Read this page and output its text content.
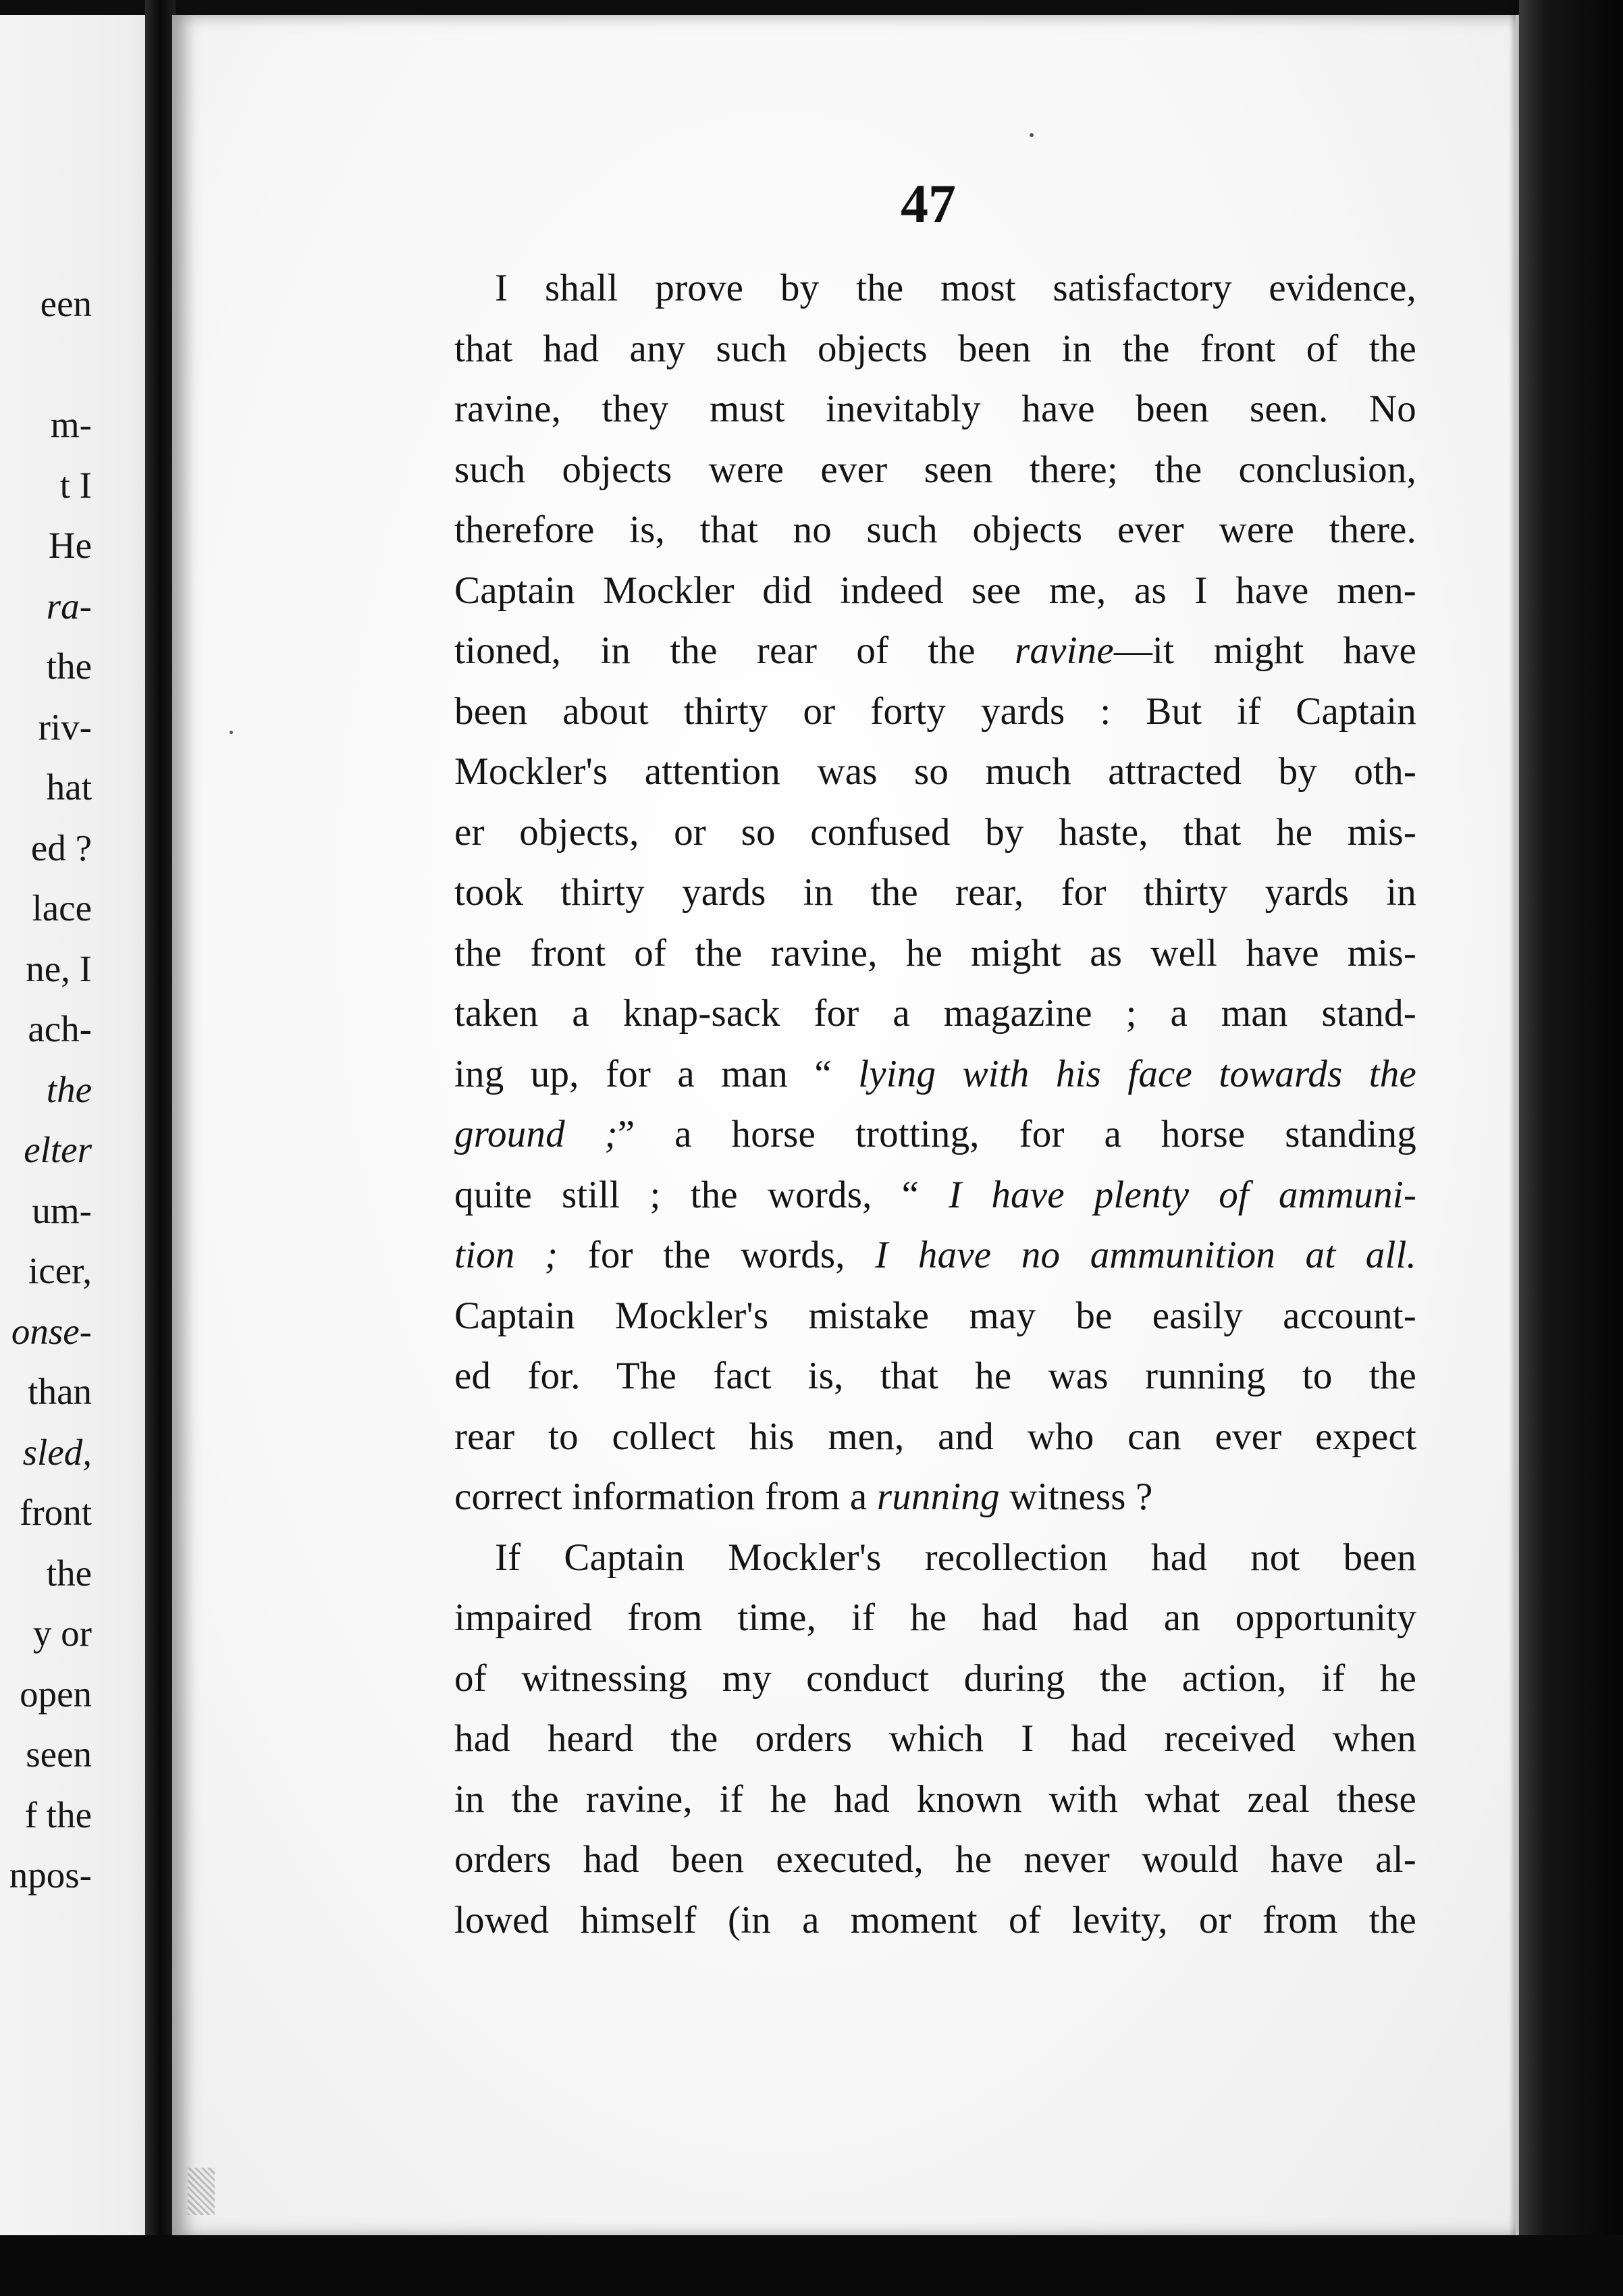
een
m-
t I
He
ra-
the
riv-
hat
ed ?
lace
ne, I
ach-
the
elter
um-
icer,
onse-
than
sled,
front
the
y or
open
seen
f the
npos-
47
I shall prove by the most satisfactory evidence,
that had any such objects been in the front of the
ravine, they must inevitably have been seen. No
such objects were ever seen there; the conclusion,
therefore is, that no such objects ever were there.
Captain Mockler did indeed see me, as I have men-
tioned, in the rear of the ravine—it might have
been about thirty or forty yards : But if Captain
Mockler's attention was so much attracted by oth-
er objects, or so confused by haste, that he mis-
took thirty yards in the rear, for thirty yards in
the front of the ravine, he might as well have mis-
taken a knap-sack for a magazine ; a man stand-
ing up, for a man “ lying with his face towards the
ground ;” a horse trotting, for a horse standing
quite still ; the words, “ I have plenty of ammuni-
tion ; for the words, I have no ammunition at all.
Captain Mockler's mistake may be easily account-
ed for. The fact is, that he was running to the
rear to collect his men, and who can ever expect
correct information from a running witness ?
If Captain Mockler's recollection had not been
impaired from time, if he had had an opportunity
of witnessing my conduct during the action, if he
had heard the orders which I had received when
in the ravine, if he had known with what zeal these
orders had been executed, he never would have al-
lowed himself (in a moment of levity, or from the
